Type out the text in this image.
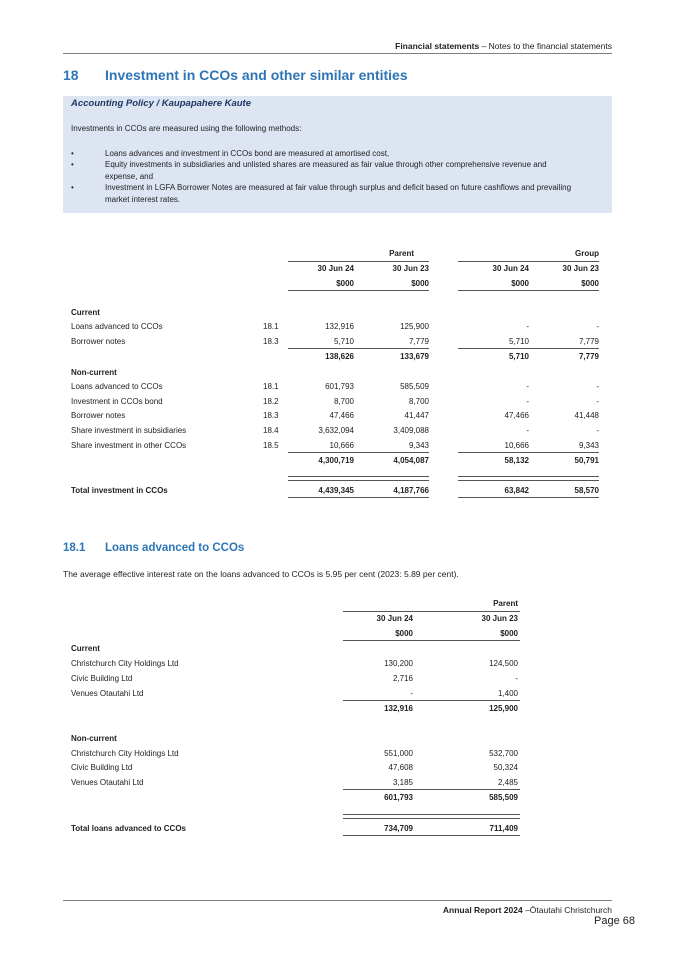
Financial statements – Notes to the financial statements
18 Investment in CCOs and other similar entities
Accounting Policy / Kaupapahere Kaute
Investments in CCOs are measured using the following methods:
•	Loans advances and investment in CCOs bond are measured at amortised cost,
•	Equity investments in subsidiaries and unlisted shares are measured as fair value through other comprehensive revenue and expense, and
•	Investment in LGFA Borrower Notes are measured at fair value through surplus and deficit based on future cashflows and prevailing market interest rates.
Parent	Group
30 Jun 24	30 Jun 23	30 Jun 24	30 Jun 23
$000	$000	$000	$000
Current
Loans advanced to CCOs	18.1	132,916	125,900	-	-
Borrower notes	18.3	5,710	7,779	5,710	7,779
138,626	133,679	5,710	7,779
Non-current
Loans advanced to CCOs	18.1	601,793	585,509	-	-
Investment in CCOs bond	18.2	8,700	8,700	-	-
Borrower notes	18.3	47,466	41,447	47,466	41,448
Share investment in subsidiaries	18.4	3,632,094	3,409,088	-	-
Share investment in other CCOs	18.5	10,666	9,343	10,666	9,343
4,300,719	4,054,087	58,132	50,791
Total investment in CCOs	4,439,345	4,187,766	63,842	58,570
18.1 Loans advanced to CCOs
The average effective interest rate on the loans advanced to CCOs is 5.95 per cent (2023: 5.89 per cent).
Parent
30 Jun 24	30 Jun 23
$000	$000
Current
Christchurch City Holdings Ltd	130,200	124,500
Civic Building Ltd	2,716	-
Venues Otautahi Ltd	-	1,400
132,916	125,900
Non-current
Christchurch City Holdings Ltd	551,000	532,700
Civic Building Ltd	47,608	50,324
Venues Otautahi Ltd	3,185	2,485
601,793	585,509
Total loans advanced to CCOs	734,709	711,409
Annual Report 2024 –Ōtautahi Christchurch
Page 68
